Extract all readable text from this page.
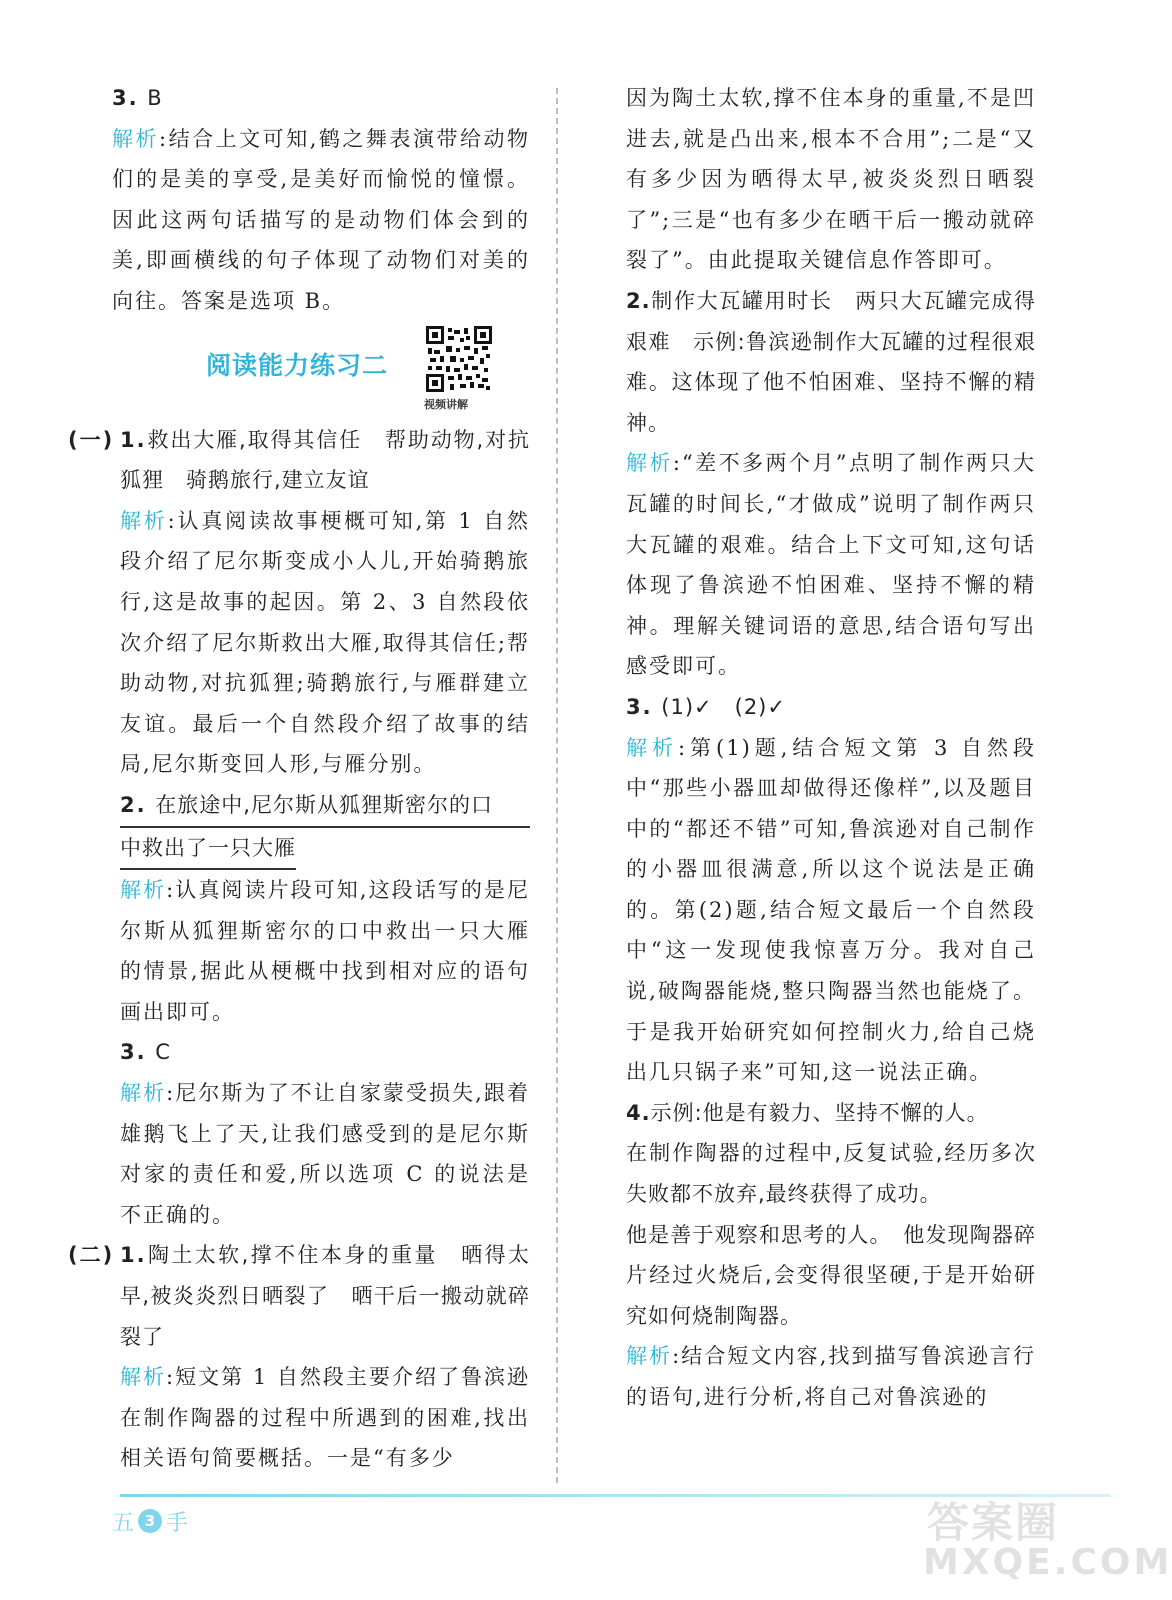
3. B

解析:结合上文可知,鹤之舞表演带给动物们的是美的享受,是美好而愉悦的憧憬。因此这两句话描写的是动物们体会到的美,即画横线的句子体现了动物们对美的向往。答案是选项 B。

阅读能力练习二
视频讲解

(一) 1.救出大雁,取得其信任　帮助动物,对抗狐狸　骑鹅旅行,建立友谊

解析:认真阅读故事梗概可知,第 1 自然段介绍了尼尔斯变成小人儿,开始骑鹅旅行,这是故事的起因。第 2、3 自然段依次介绍了尼尔斯救出大雁,取得其信任;帮助动物,对抗狐狸;骑鹅旅行,与雁群建立友谊。最后一个自然段介绍了故事的结局,尼尔斯变回人形,与雁分别。

2. 在旅途中,尼尔斯从狐狸斯密尔的口
中救出了一只大雁

解析:认真阅读片段可知,这段话写的是尼尔斯从狐狸斯密尔的口中救出一只大雁的情景,据此从梗概中找到相对应的语句画出即可。

3. C

解析:尼尔斯为了不让自家蒙受损失,跟着雄鹅飞上了天,让我们感受到的是尼尔斯对家的责任和爱,所以选项 C 的说法是不正确的。

(二) 1.陶土太软,撑不住本身的重量　晒得太早,被炎炎烈日晒裂了　晒干后一搬动就碎裂了

解析:短文第 1 自然段主要介绍了鲁滨逊在制作陶器的过程中所遇到的困难,找出相关语句简要概括。一是“有多少

因为陶土太软,撑不住本身的重量,不是凹进去,就是凸出来,根本不合用”;二是“又有多少因为晒得太早,被炎炎烈日晒裂了”;三是“也有多少在晒干后一搬动就碎裂了”。由此提取关键信息作答即可。

2.制作大瓦罐用时长　两只大瓦罐完成得艰难　示例:鲁滨逊制作大瓦罐的过程很艰难。这体现了他不怕困难、坚持不懈的精神。

解析:“差不多两个月”点明了制作两只大瓦罐的时间长,“才做成”说明了制作两只大瓦罐的艰难。结合上下文可知,这句话体现了鲁滨逊不怕困难、坚持不懈的精神。理解关键词语的意思,结合语句写出感受即可。

3. (1)✓　(2)✓

解析:第(1)题,结合短文第 3 自然段中“那些小器皿却做得还像样”,以及题目中的“都还不错”可知,鲁滨逊对自己制作的小器皿很满意,所以这个说法是正确的。第(2)题,结合短文最后一个自然段中“这一发现使我惊喜万分。我对自己说,破陶器能烧,整只陶器当然也能烧了。于是我开始研究如何控制火力,给自己烧出几只锅子来”可知,这一说法正确。

4.示例:他是有毅力、坚持不懈的人。

在制作陶器的过程中,反复试验,经历多次失败都不放弃,最终获得了成功。

他是善于观察和思考的人。　他发现陶器碎片经过火烧后,会变得很坚硬,于是开始研究如何烧制陶器。

解析:结合短文内容,找到描写鲁滨逊言行的语句,进行分析,将自己对鲁滨逊的

五 3 手	答案圈
MXQE.COM
